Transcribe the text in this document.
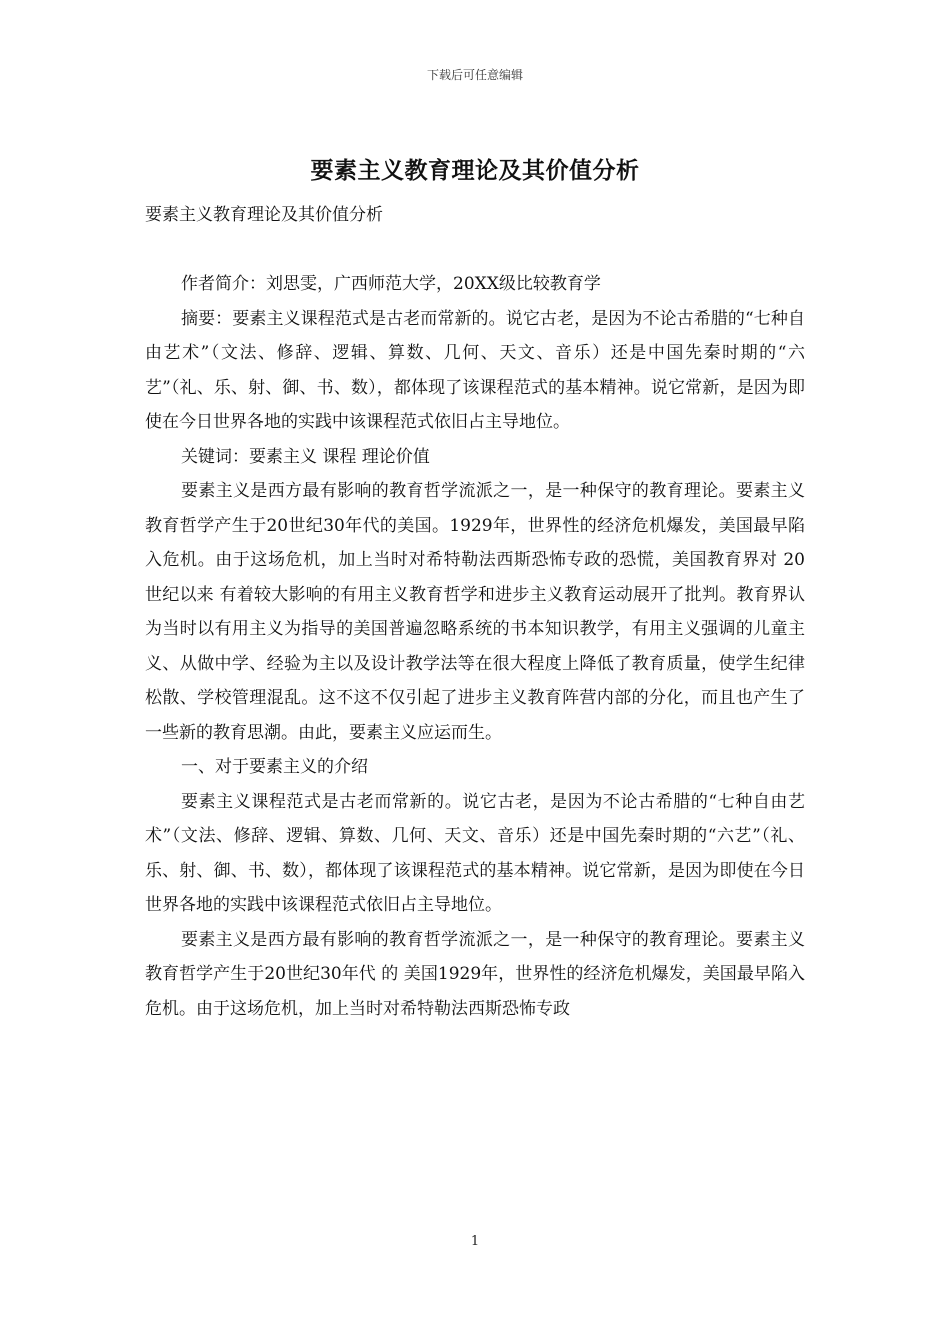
下载后可任意编辑
要素主义教育理论及其价值分析

要素主义教育理论及其价值分析

作者简介：刘思雯，广西师范大学，20XX级比较教育学

摘要：要素主义课程范式是古老而常新的。说它古老，是因为不论古希腊的“七种自由艺术”（文法、修辞、逻辑、算数、几何、天文、音乐）还是中国先秦时期的“六艺”（礼、乐、射、御、书、数），都体现了该课程范式的基本精神。说它常新，是因为即使在今日世界各地的实践中该课程范式依旧占主导地位。

关键词：要素主义 课程 理论价值

要素主义是西方最有影响的教育哲学流派之一，是一种保守的教育理论。要素主义教育哲学产生于20世纪30年代的美国。1929年，世界性的经济危机爆发，美国最早陷入危机。由于这场危机，加上当时对希特勒法西斯恐怖专政的恐慌，美国教育界对 20 世纪以来 有着较大影响的有用主义教育哲学和进步主义教育运动展开了批判。教育界认为当时以有用主义为指导的美国普遍忽略系统的书本知识教学，有用主义强调的儿童主义、从做中学、经验为主以及设计教学法等在很大程度上降低了教育质量，使学生纪律松散、学校管理混乱。这不这不仅引起了进步主义教育阵营内部的分化，而且也产生了一些新的教育思潮。由此，要素主义应运而生。

一、对于要素主义的介绍

要素主义课程范式是古老而常新的。说它古老，是因为不论古希腊的“七种自由艺术”（文法、修辞、逻辑、算数、几何、天文、音乐）还是中国先秦时期的“六艺”（礼、乐、射、御、书、数），都体现了该课程范式的基本精神。说它常新，是因为即使在今日世界各地的实践中该课程范式依旧占主导地位。

要素主义是西方最有影响的教育哲学流派之一，是一种保守的教育理论。要素主义教育哲学产生于20世纪30年代 的 美国1929年，世界性的经济危机爆发，美国最早陷入危机。由于这场危机，加上当时对希特勒法西斯恐怖专政

1
